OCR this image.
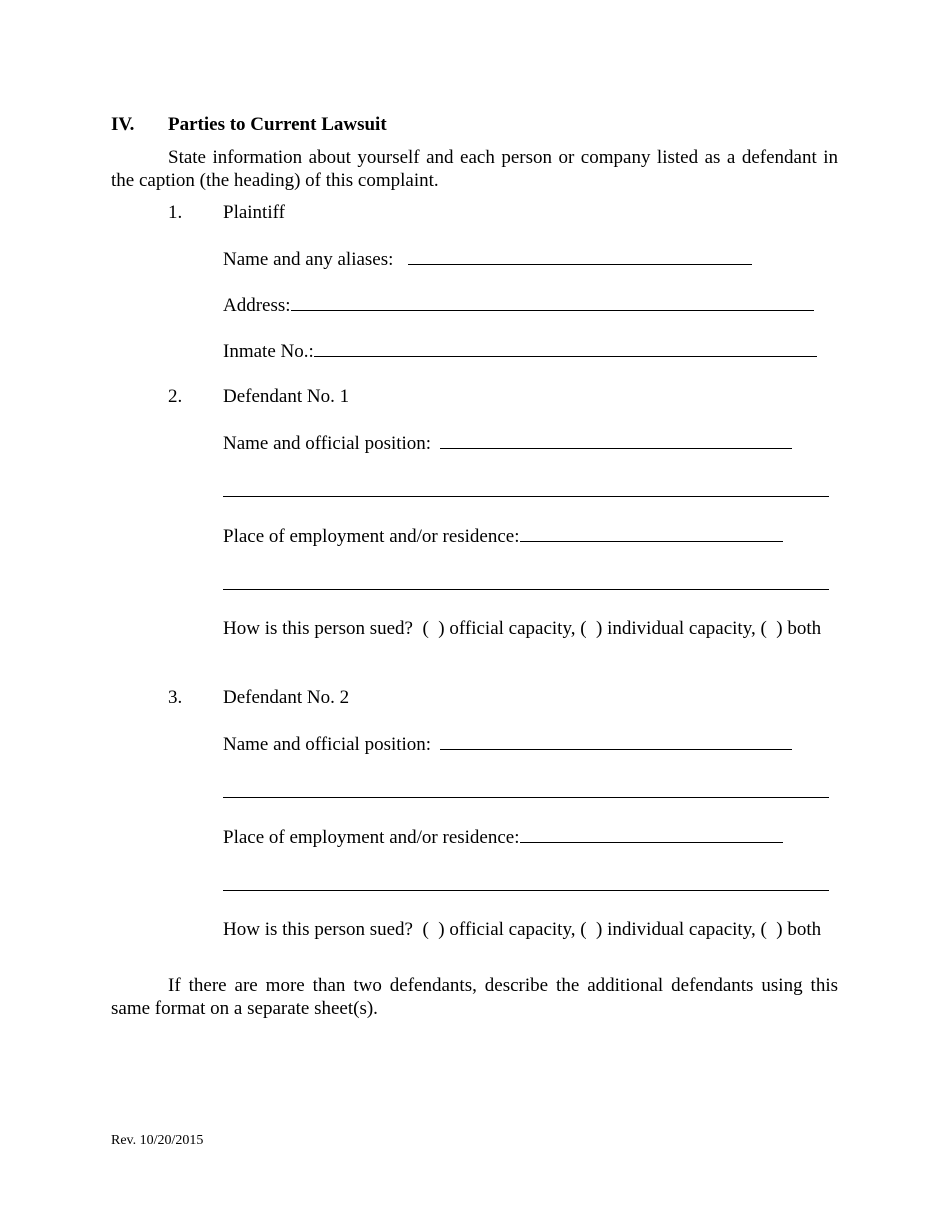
IV. Parties to Current Lawsuit
State information about yourself and each person or company listed as a defendant in the caption (the heading) of this complaint.
1. Plaintiff
Name and any aliases:
Address:
Inmate No.:
2. Defendant No. 1
Name and official position:
Place of employment and/or residence:
How is this person sued? (  ) official capacity, (  ) individual capacity, (  ) both
3. Defendant No. 2
Name and official position:
Place of employment and/or residence:
How is this person sued? (  ) official capacity, (  ) individual capacity, (  ) both
If there are more than two defendants, describe the additional defendants using this same format on a separate sheet(s).
Rev. 10/20/2015
